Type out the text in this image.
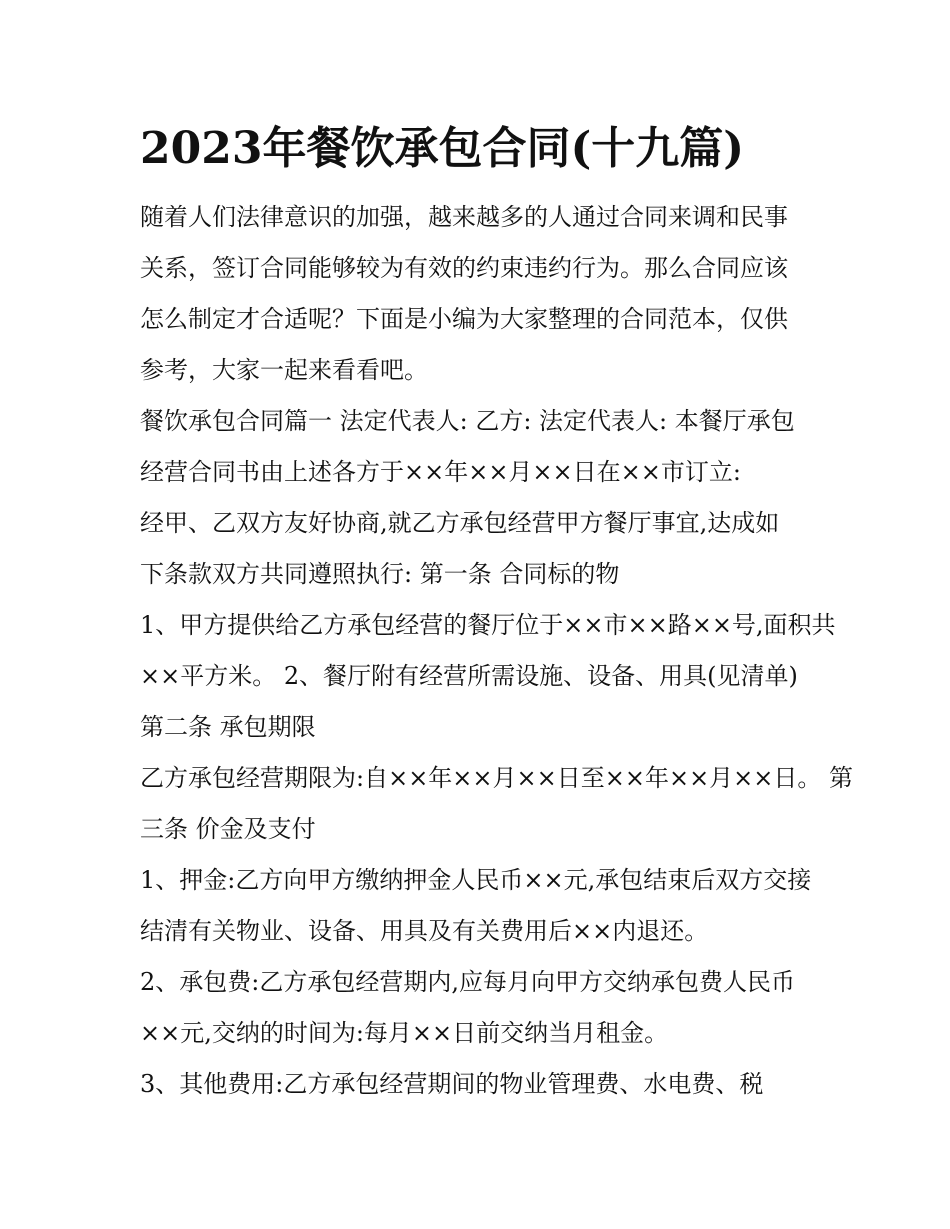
2023年餐饮承包合同(十九篇)
随着人们法律意识的加强，越来越多的人通过合同来调和民事
关系，签订合同能够较为有效的约束违约行为。那么合同应该
怎么制定才合适呢？下面是小编为大家整理的合同范本，仅供
参考，大家一起来看看吧。
餐饮承包合同篇一 法定代表人: 乙方: 法定代表人: 本餐厅承包
经营合同书由上述各方于××年××月××日在××市订立:
经甲、乙双方友好协商,就乙方承包经营甲方餐厅事宜,达成如
下条款双方共同遵照执行: 第一条 合同标的物
1、甲方提供给乙方承包经营的餐厅位于××市××路××号,面积共
××平方米。 2、餐厅附有经营所需设施、设备、用具(见清单)
第二条 承包期限
乙方承包经营期限为:自××年××月××日至××年××月××日。 第
三条 价金及支付
1、押金:乙方向甲方缴纳押金人民币××元,承包结束后双方交接
结清有关物业、设备、用具及有关费用后××内退还。
2、承包费:乙方承包经营期内,应每月向甲方交纳承包费人民币
××元,交纳的时间为:每月××日前交纳当月租金。
3、其他费用:乙方承包经营期间的物业管理费、水电费、税
